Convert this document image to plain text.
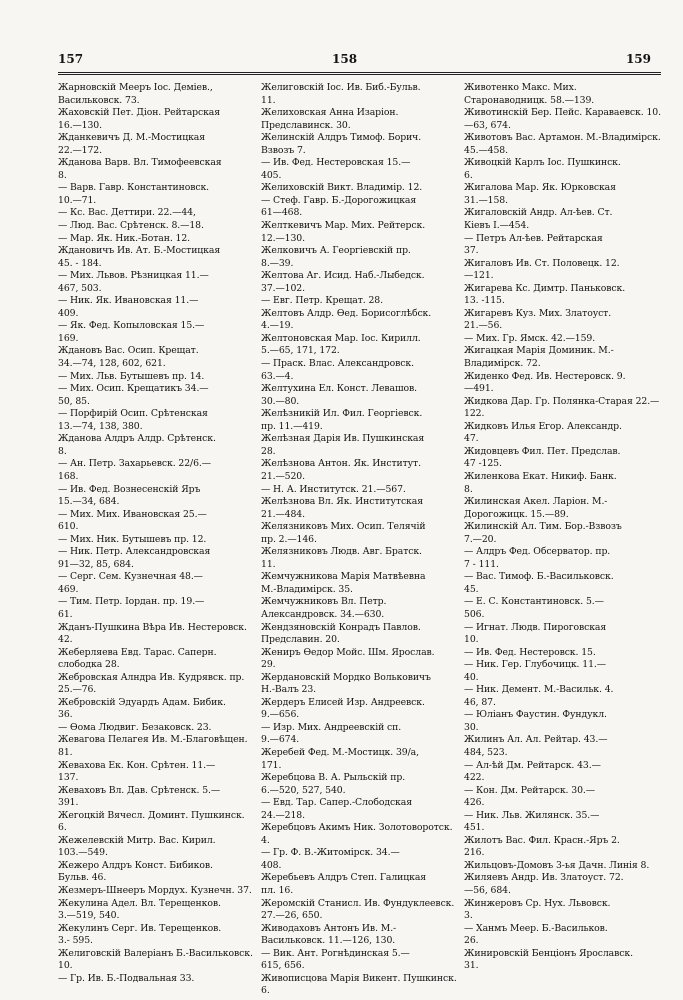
157	158	159

Жарновскій Мееръ Іос. Деміев.,
Васильковск. 73.

Жаховскій Пет. Діон. Рейтарская
16.—130.

Жданкевичъ Д. М.-Мостицкая
22.—172.

Жданова Варв. Вл. Тимофеевская
8.

— Варв. Гавр. Константиновск.
10.—71.

— Кс. Вас. Деттири. 22.—44,

— Люд. Вас. Срѣтенск. 8.—18.

— Мар. Як. Ник.-Ботан. 12.

Ждановичъ Ив. Ат. Б.-Мостицкая
45. - 184.

— Мих. Львов. Рѣзницкая 11.—
467, 503.

— Ник. Як. Ивановская 11.—
409.

— Як. Фед. Копыловская 15.—
169.

Ждановъ Вас. Осип. Крещат.
34.—74, 128, 602, 621.

— Мих. Льв. Бутышевъ пр. 14.

— Мих. Осип. Крещатикъ 34.—
50, 85.

— Порфирій Осип. Срѣтенская
13.—74, 138, 380.

Жданова Алдръ Алдр. Срѣтенск.
8.

— Ан. Петр. Захарьевск. 22/6.—
168.

— Ив. Фед. Вознесенскій Яръ
15.—34, 684.

— Мих. Мих. Ивановская 25.—
610.

— Мих. Ник. Бутышевъ пр. 12.

— Ник. Петр. Александровская
91—32, 85, 684.

— Серг. Сем. Кузнечная 48.—
469.

— Тим. Петр. Іордан. пр. 19.—
61.

Жданъ-Пушкина Вѣра Ив. Нестеровск. 42.

Жеберляева Евд. Тарас. Саперн.
слободка 28.

Жебровская Алндра Ив. Кудрявск. пр. 25.—76.

Жебровскій Эдуардъ Адам. Бибик.
36.

— Өома Людвиг. Безаковск. 23.

Жевагова Пелагея Ив. М.-Благовѣщен. 81.

Жевахова Ек. Кон. Срѣтен. 11.—
137.

Жеваховъ Вл. Дав. Срѣтенск. 5.—
391.

Жегоцкій Вячесл. Доминт. Пушкинск. 6.

Жежелевскій Митр. Вас. Кирил.
103.—549.

Жежеро Алдръ Конст. Бибиков.
Бульв. 46.

Жезмеръ-Шнееръ Мордух. Кузнечн. 37.

Жекулина Адел. Вл. Терещенков.
3.—519, 540.

Жекулинъ Серг. Ив. Терещенков.
3.- 595.

Желиговскій Валеріанъ Б.-Васильковск. 10.

— Гр. Ив. Б.-Подвальная 33.

Желиговскій Іос. Ив. Биб.-Бульв.
11.

Желиховская Анна Изаріон. Предславинск. 30.

Желинскій Алдръ Тимоф. Борич.
Взвозъ 7.

— Ив. Фед. Нестеровская 15.—
405.

Желиховскій Викт. Владимір. 12.

— Стеф. Гавр. Б.-Дорогожицкая
61—468.

Желткевичъ Мар. Мих. Рейтерск.
12.—130.

Желковичъ А. Георгіевскій пр.
8.—39.

Желтова Аг. Исид. Наб.-Лыбедск.
37.—102.

— Евг. Петр. Крещат. 28.

Желтовъ Алдр. Өед. Борисоглѣбск.
4.—19.

Желтоновская Мар. Іос. Кирилл.
5.—65, 171, 172.

— Праск. Влас. Александровск.
63.—4.

Желтухина Ел. Конст. Левашов.
30.—80.

Желѣзникій Ил. Фил. Георгіевск.
пр. 11.—419.

Желѣзная Дарія Ив. Пушкинская
28.

Желѣзнова Антон. Як. Институт.
21.—520.

— Н. А. Институтск. 21.—567.

Желѣзнова Вл. Як. Институтская
21.—484.

Желязниковъ Мих. Осип. Телячій
пр. 2.—146.

Желязниковъ Людв. Авг. Братск.
11.

Жемчужникова Марія Матвѣевна
М.-Владимірск. 35.

Жемчужниковъ Вл. Петр. Александровск. 34.—630.

Жендзяновскій Конрадъ Павлов.
Предславин. 20.

Жениръ Өедор Мойс. Шм. Ярослав.
29.

Жердановскій Мордко Вольковичъ
Н.-Валъ 23.

Жердеръ Елисей Изр. Андреевск.
9.—656.

— Изр. Мих. Андреевскій сп.
9.—674.

Жеребей Фед. М.-Мостицк. 39/а,
171.

Жеребцова В. А. Рыльскій пр.
6.—520, 527, 540.

— Евд. Тар. Сапер.-Слободская
24.—218.

Жеребцовъ Акимъ Ник. Золотоворотск. 4.

— Гр. Ф. В.-Житомірск. 34.—
408.

Жеребьевъ Алдръ Степ. Галицкая
пл. 16.

Жеромскій Станисл. Ив. Фундуклеевск. 27.—26, 650.

Живодаховъ Антонъ Ив. М.-Васильковск. 11.—126, 130.

— Вик. Ант. Рогнѣдинская 5.—
615, 656.

Живописцова Марія Викент. Пушкинск. 6.

Животенко Макс. Мих. Старонаводницк. 58.—139.

Животинскій Бер. Пейс. Караваевск. 10.—63, 674.

Животовъ Вас. Артамон. М.-Владимірск. 45.—458.

Живоцкій Карлъ Іос. Пушкинск.
6.

Жигалова Мар. Як. Юрковская
31.—158.

Жигаловскій Андр. Ал-ѣев. Ст.
Кіевъ I.—454.

— Петръ Ал-ѣев. Рейтарская
37.

Жигаловъ Ив. Ст. Половецк. 12.
—121.

Жигарева Кс. Димтр. Паньковск.
13. -115.

Жигаревъ Куз. Мих. Златоуст.
21.—56.

— Мих. Гр. Ямск. 42.—159.

Жигацкая Марія Доминик. М.-Владимірск. 72.

Жиденко Фед. Ив. Нестеровск. 9.
—491.

Жидкова Дар. Гр. Полянка-Старая 22.—122.

Жидковъ Илья Егор. Александр.
47.

Жидовцевъ Фил. Пет. Предслав.
47 -125.

Жиленкова Екат. Никиф. Банк.
8.

Жилинская Акел. Ларіон. М.-Дорогожицк. 15.—89.

Жилинскій Ал. Тим. Бор.-Взвозъ
7.—20.

— Алдръ Фед. Обсерватор. пр.
7 - 111.

— Вас. Тимоф. Б.-Васильковск.
45.

— Е. С. Константиновск. 5.—
506.

— Игнат. Людв. Пироговская
10.

— Ив. Фед. Нестеровск. 15.

— Ник. Гер. Глубочицк. 11.—
40.

— Ник. Демент. М.-Васильк. 4.
46, 87.

— Юліанъ Фаустин. Фундукл.
30.

Жилинъ Ал. Ал. Рейтар. 43.—
484, 523.

— Ал-ѣй Дм. Рейтарск. 43.—
422.

— Кон. Дм. Рейтарск. 30.—
426.

— Ник. Льв. Жилянск. 35.—
451.

Жилотъ Вас. Фил. Красн.-Яръ 2.
216.

Жильцовъ-Домовъ 3-ья Дачн. Линія 8.

Жиляевъ Андр. Ив. Златоуст. 72.
—56, 684.

Жинжеровъ Ср. Нух. Львовск.
3.

— Ханмъ Мееp. Б.-Васильков.
26.

Жинировскій Бенціонъ Ярославск.
31.
